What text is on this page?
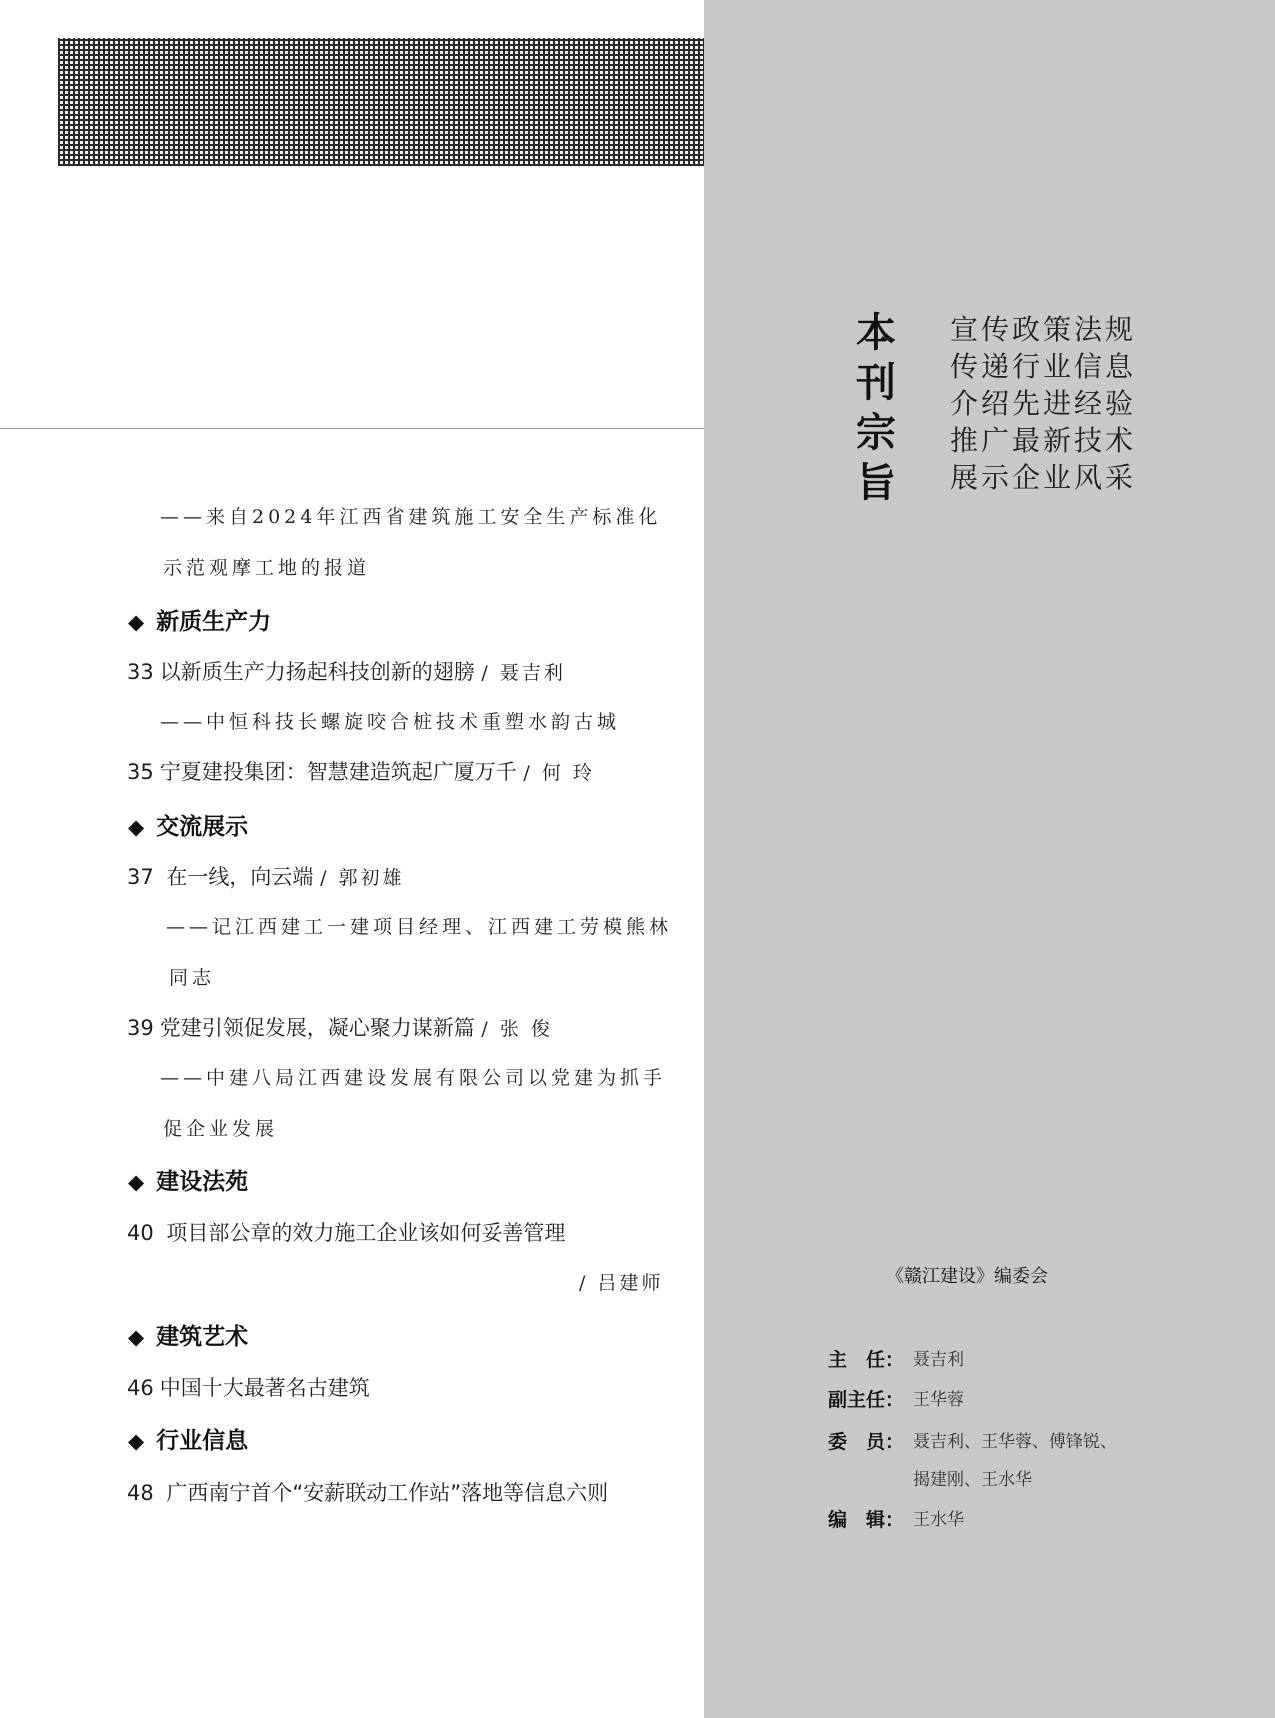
本
刊
宗
旨
宣传政策法规
传递行业信息
介绍先进经验
推广最新技术
展示企业风采
《赣江建设》编委会
主　任： 聂吉利
副主任： 王华蓉
委　员： 聂吉利、王华蓉、傅锋锐、
揭建刚、王水华
编　辑： 王水华
——来自2024年江西省建筑施工安全生产标准化
示范观摩工地的报道
◆ 新质生产力
33 以新质生产力扬起科技创新的翅膀 / 聂吉利
——中恒科技长螺旋咬合桩技术重塑水韵古城
35 宁夏建投集团：智慧建造筑起广厦万千 / 何 玲
◆ 交流展示
37 在一线，向云端 / 郭初雄
——记江西建工一建项目经理、江西建工劳模熊林
同志
39 党建引领促发展，凝心聚力谋新篇 / 张 俊
——中建八局江西建设发展有限公司以党建为抓手
促企业发展
◆ 建设法苑
40 项目部公章的效力施工企业该如何妥善管理
/ 吕建师
◆ 建筑艺术
46 中国十大最著名古建筑
◆ 行业信息
48 广西南宁首个“安薪联动工作站”落地等信息六则
